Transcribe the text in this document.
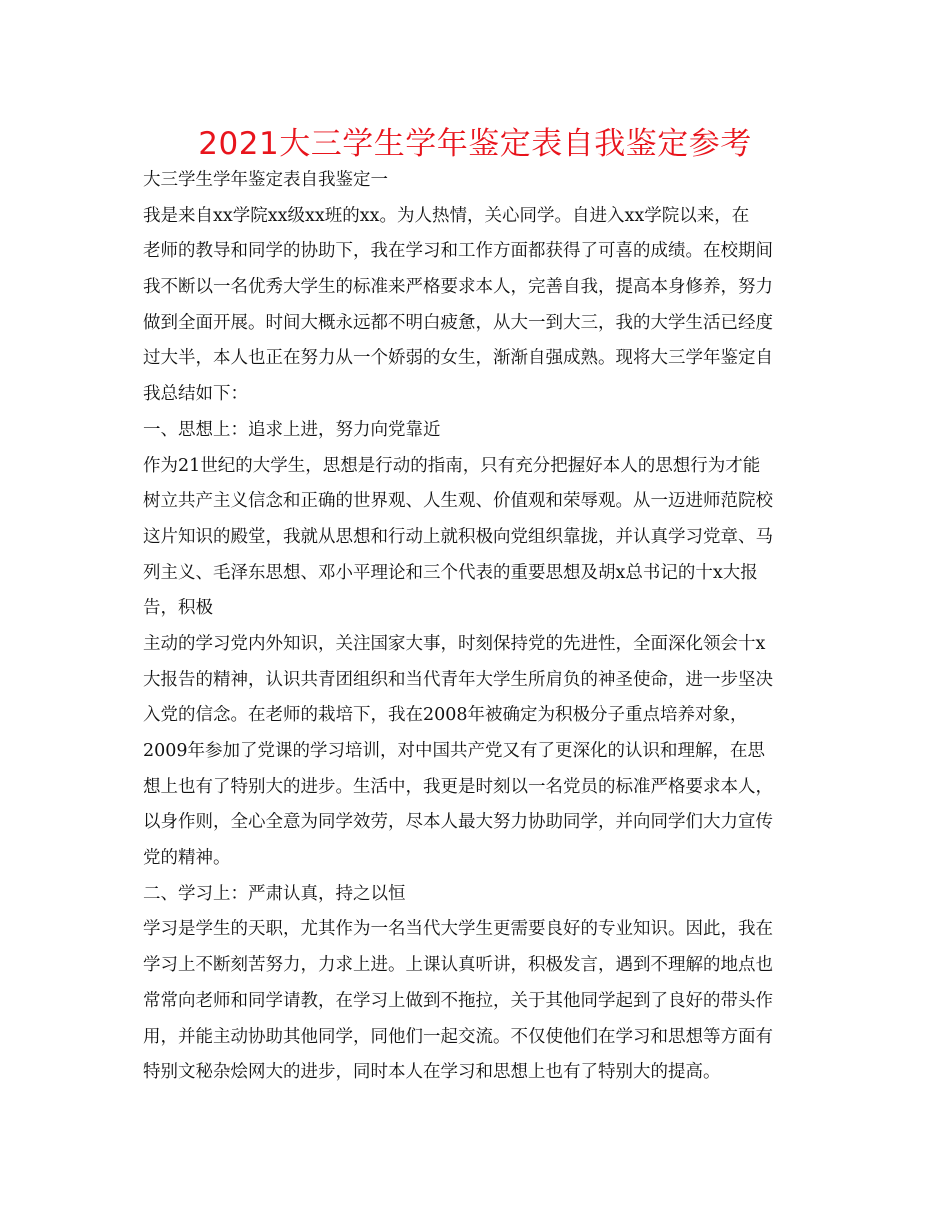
2021大三学生学年鉴定表自我鉴定参考
大三学生学年鉴定表自我鉴定一
我是来自xx学院xx级xx班的xx。为人热情，关心同学。自进入xx学院以来，在
老师的教导和同学的协助下，我在学习和工作方面都获得了可喜的成绩。在校期间
我不断以一名优秀大学生的标准来严格要求本人，完善自我，提高本身修养，努力
做到全面开展。时间大概永远都不明白疲惫，从大一到大三，我的大学生活已经度
过大半，本人也正在努力从一个娇弱的女生，渐渐自强成熟。现将大三学年鉴定自
我总结如下：
一、思想上：追求上进，努力向党靠近
作为21世纪的大学生，思想是行动的指南，只有充分把握好本人的思想行为才能
树立共产主义信念和正确的世界观、人生观、价值观和荣辱观。从一迈进师范院校
这片知识的殿堂，我就从思想和行动上就积极向党组织靠拢，并认真学习党章、马
列主义、毛泽东思想、邓小平理论和三个代表的重要思想及胡x总书记的十x大报
告，积极
主动的学习党内外知识，关注国家大事，时刻保持党的先进性，全面深化领会十x
大报告的精神，认识共青团组织和当代青年大学生所肩负的神圣使命，进一步坚决
入党的信念。在老师的栽培下，我在2008年被确定为积极分子重点培养对象，
2009年参加了党课的学习培训，对中国共产党又有了更深化的认识和理解，在思
想上也有了特别大的进步。生活中，我更是时刻以一名党员的标准严格要求本人，
以身作则，全心全意为同学效劳，尽本人最大努力协助同学，并向同学们大力宣传
党的精神。
二、学习上：严肃认真，持之以恒
学习是学生的天职，尤其作为一名当代大学生更需要良好的专业知识。因此，我在
学习上不断刻苦努力，力求上进。上课认真听讲，积极发言，遇到不理解的地点也
常常向老师和同学请教，在学习上做到不拖拉，关于其他同学起到了良好的带头作
用，并能主动协助其他同学，同他们一起交流。不仅使他们在学习和思想等方面有
特别文秘杂烩网大的进步，同时本人在学习和思想上也有了特别大的提高。
